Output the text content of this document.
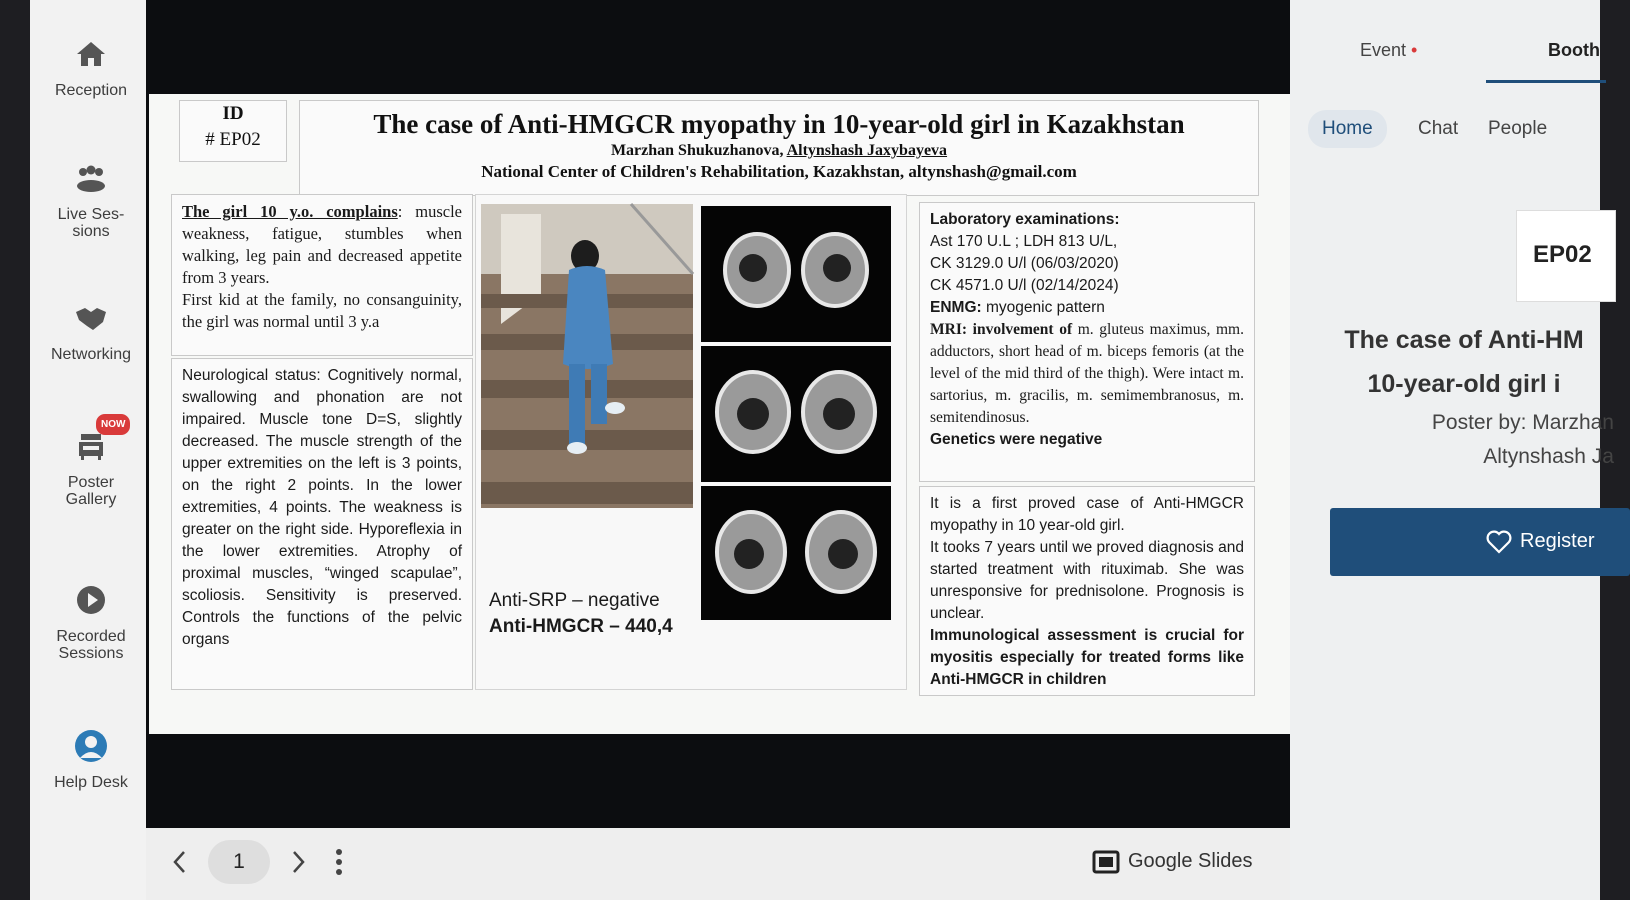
Reception
Live Ses-
sions
Networking
NOW
Poster
Gallery
Recorded
Sessions
Help Desk
ID
# EP02
The case of Anti-HMGCR myopathy in 10-year-old girl in Kazakhstan
Marzhan Shukuzhanova, Altynshash Jaxybayeva
National Center of Children's Rehabilitation, Kazakhstan, altynshash@gmail.com
The girl 10 y.o. complains: muscle weakness, fatigue, stumbles when walking, leg pain and decreased appetite from 3 years.
First kid at the family, no consanguinity, the girl was normal until 3 y.a
Neurological status: Cognitively normal, swallowing and phonation are not impaired. Muscle tone D=S, slightly decreased. The muscle strength of the upper extremities on the left is 3 points, on the right 2 points. In the lower extremities, 4 points. The weakness is greater on the right side. Hyporeflexia in the lower extremities. Atrophy of proximal muscles, “winged scapulae”, scoliosis. Sensitivity is preserved. Controls the functions of the pelvic organs
Anti-SRP – negative
Anti-HMGCR – 440,4
Laboratory examinations:
Ast 170 U.L ; LDH 813 U/L,
CK 3129.0 U/l (06/03/2020)
CK 4571.0 U/l (02/14/2024)
ENMG: myogenic pattern
MRI: involvement of m. gluteus maximus, mm. adductors, short head of m. biceps femoris (at the level of the mid third of the thigh). Were intact m. sartorius, m. gracilis, m. semimembranosus, m. semitendinosus.
Genetics were negative
It is a first proved case of Anti-HMGCR myopathy in 10 year-old girl.
It tooks 7 years until we proved diagnosis and started treatment with rituximab. She was unresponsive for prednisolone. Prognosis is unclear.
Immunological assessment is crucial for myositis especially for treated forms like Anti-HMGCR in children
1	Google Slides
Event •	Booth
Home	Chat People
EP02
The case of Anti-HM
10-year-old girl i
Poster by: Marzhan
Altynshash Ja
Register
